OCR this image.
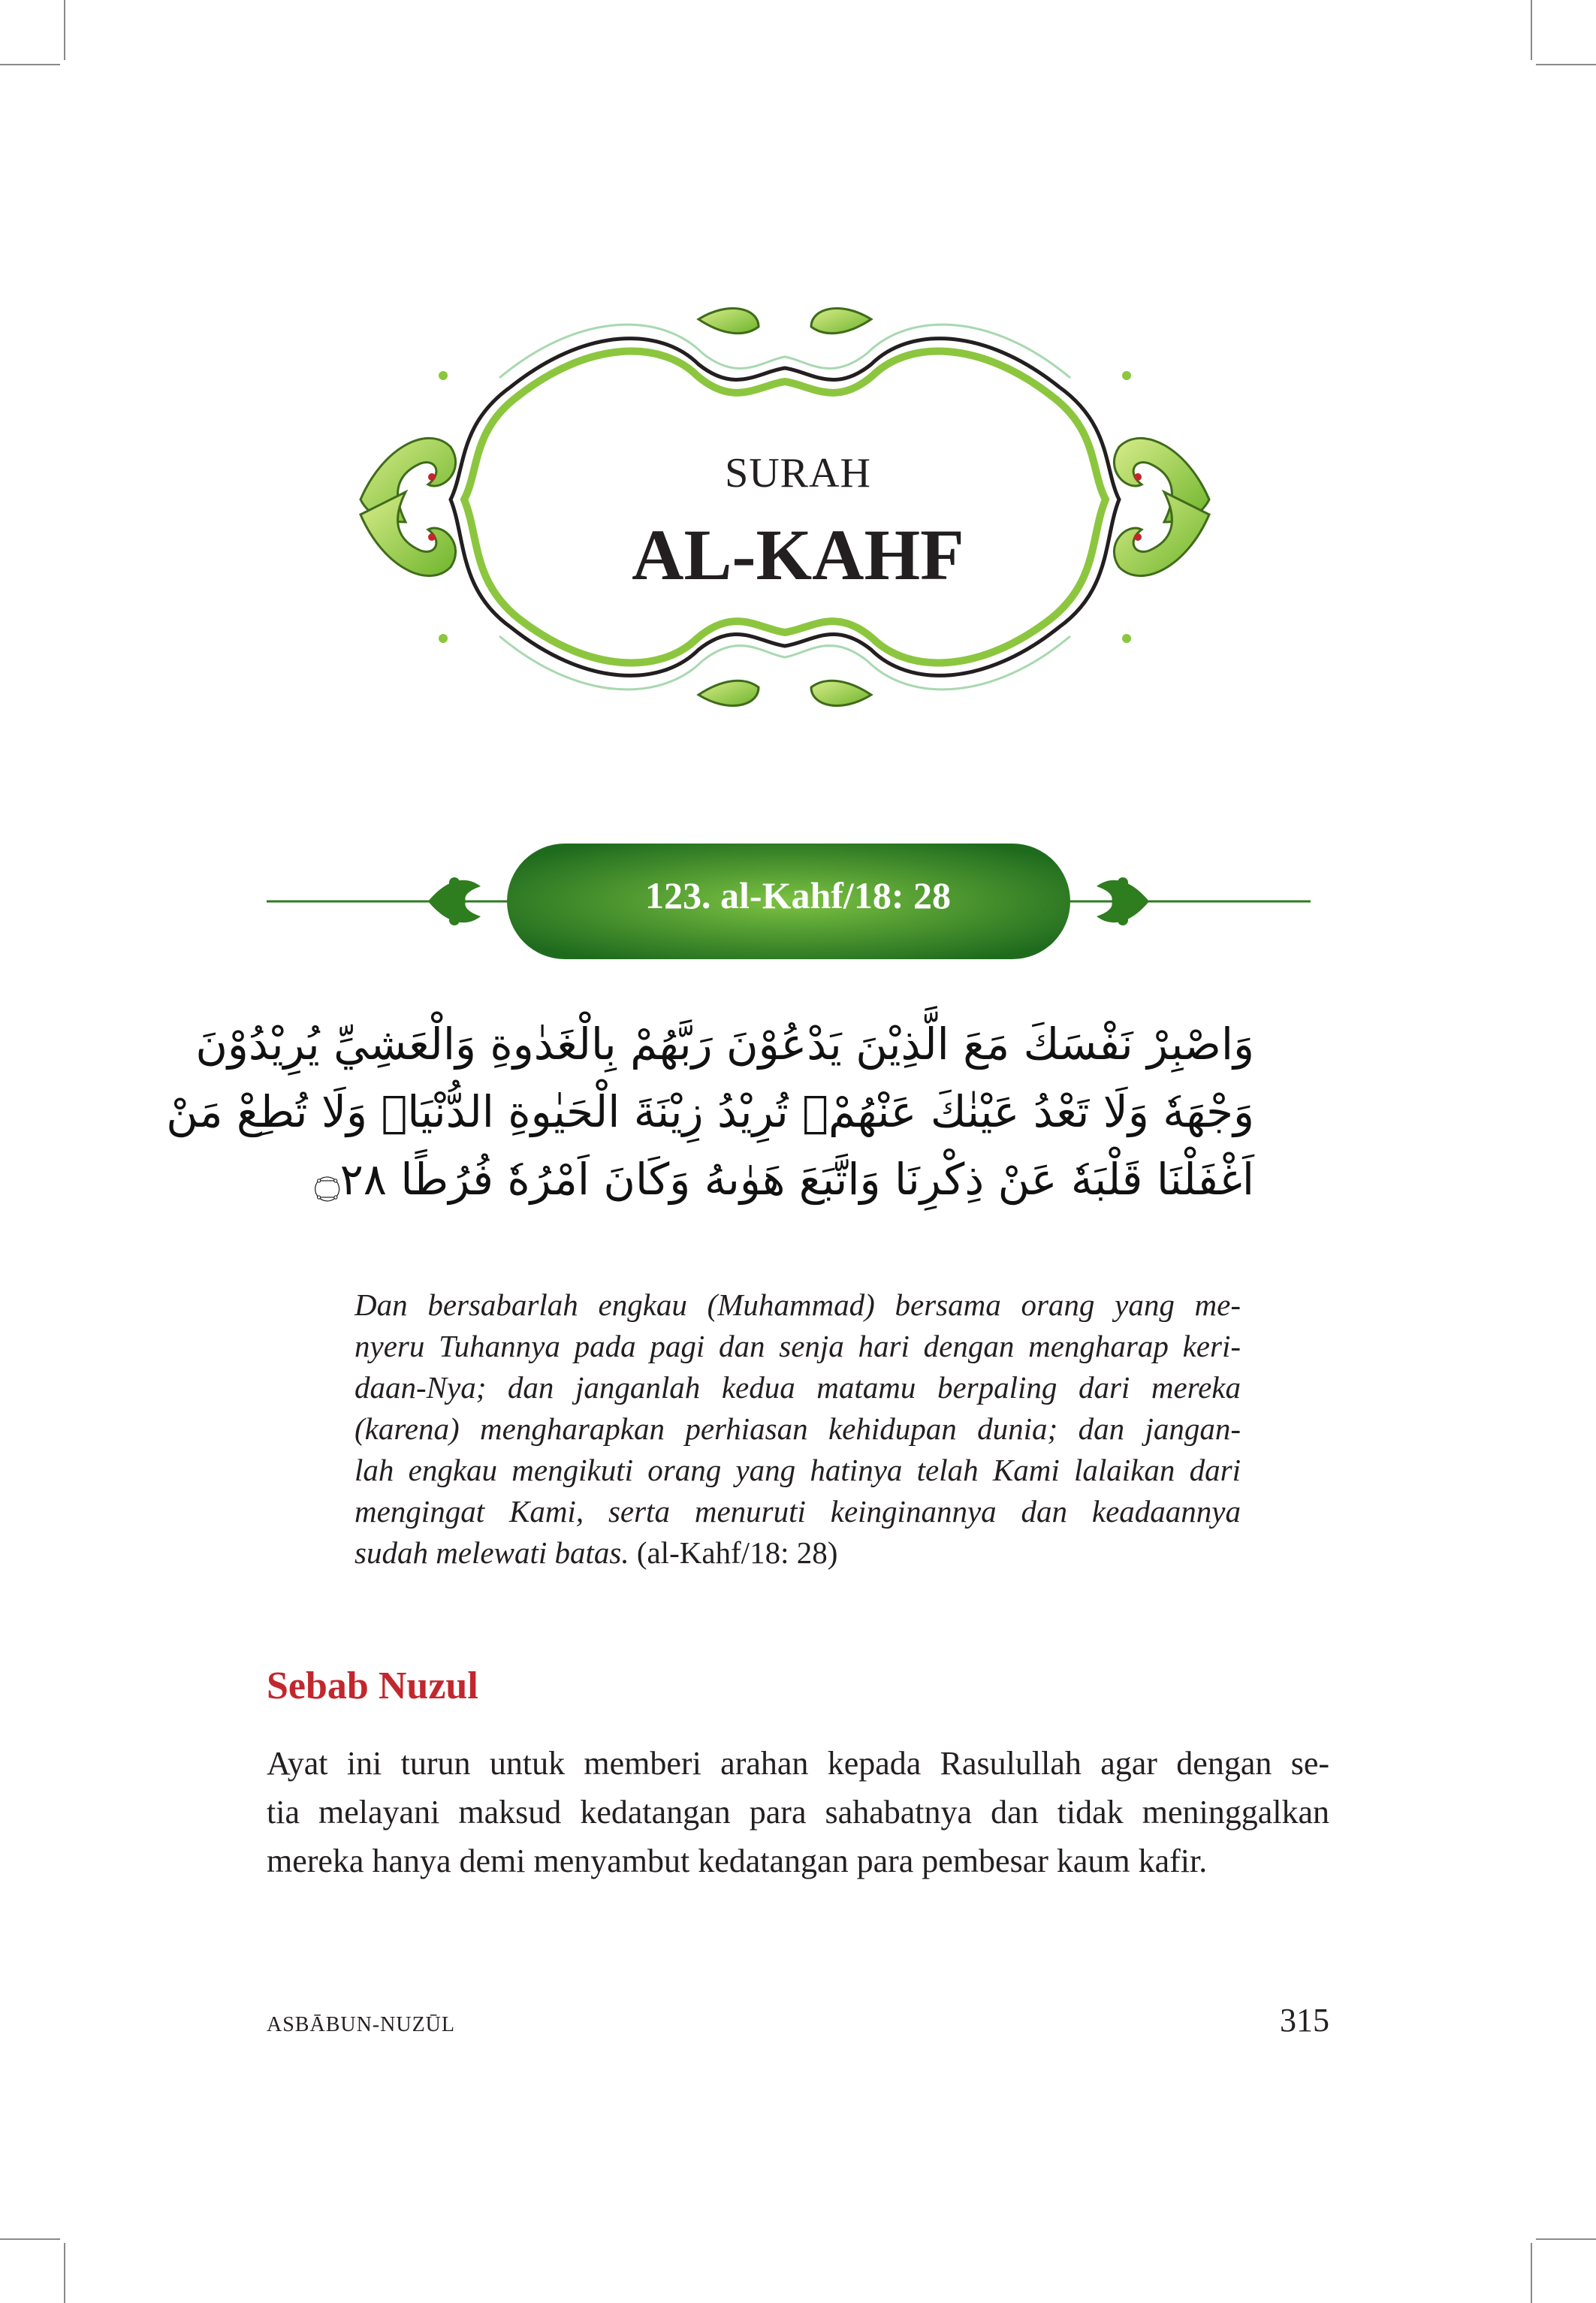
SURAH
AL-KAHF
123. al-Kahf/18: 28
وَاصْبِرْ نَفْسَكَ مَعَ الَّذِيْنَ يَدْعُوْنَ رَبَّهُمْ بِالْغَدٰوةِ وَالْعَشِيِّ يُرِيْدُوْنَ
وَجْهَهٗ وَلَا تَعْدُ عَيْنٰكَ عَنْهُمْۚ تُرِيْدُ زِيْنَةَ الْحَيٰوةِ الدُّنْيَاۚ وَلَا تُطِعْ مَنْ
اَغْفَلْنَا قَلْبَهٗ عَنْ ذِكْرِنَا وَاتَّبَعَ هَوٰىهُ وَكَانَ اَمْرُهٗ فُرُطًا ۝٢٨
Dan bersabarlah engkau (Muhammad) bersama orang yang me-
nyeru Tuhannya pada pagi dan senja hari dengan mengharap keri-
daan-Nya; dan janganlah kedua matamu berpaling dari mereka
(karena) mengharapkan perhiasan kehidupan dunia; dan jangan-
lah engkau mengikuti orang yang hatinya telah Kami lalaikan dari
mengingat Kami, serta menuruti keinginannya dan keadaannya
sudah melewati batas. (al-Kahf/18: 28)
Sebab Nuzul
Ayat ini turun untuk memberi arahan kepada Rasulullah agar dengan se-
tia melayani maksud kedatangan para sahabatnya dan tidak meninggalkan
mereka hanya demi menyambut kedatangan para pembesar kaum kafir.
ASBĀBUN-NUZŪL	315
